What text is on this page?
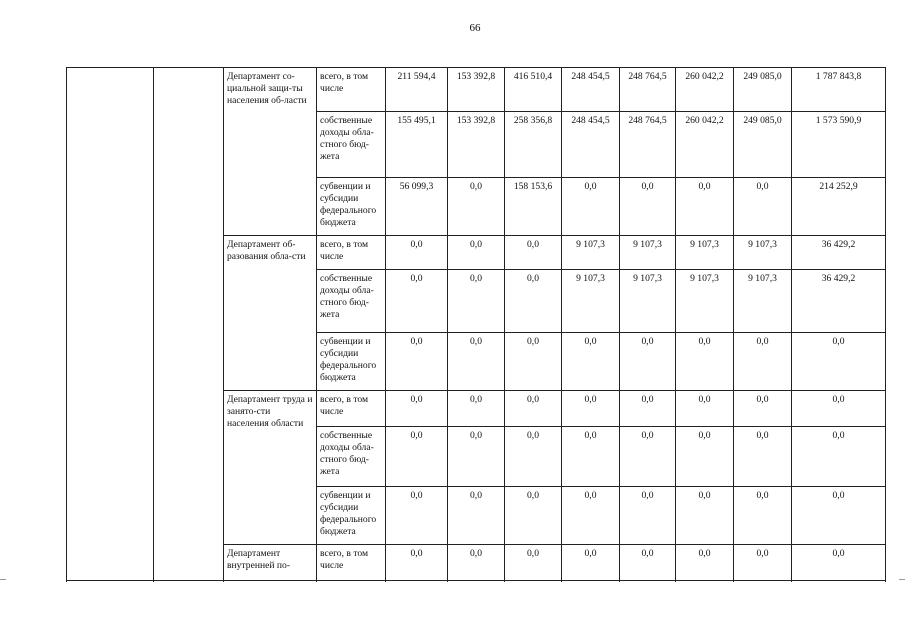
66
		Департамент со-циальной защи-ты населения об-ласти	всего, в том числе	211 594,4	153 392,8	416 510,4	248 454,5	248 764,5	260 042,2	249 085,0	1 787 843,8
			собственные доходы обла-стного бюд-жета	155 495,1	153 392,8	258 356,8	248 454,5	248 764,5	260 042,2	249 085,0	1 573 590,9
			субвенции и субсидии федерального бюджета	56 099,3	0,0	158 153,6	0,0	0,0	0,0	0,0	214 252,9
		Департамент об-разования обла-сти	всего, в том числе	0,0	0,0	0,0	9 107,3	9 107,3	9 107,3	9 107,3	36 429,2
			собственные доходы обла-стного бюд-жета	0,0	0,0	0,0	9 107,3	9 107,3	9 107,3	9 107,3	36 429,2
			субвенции и субсидии федерального бюджета	0,0	0,0	0,0	0,0	0,0	0,0	0,0	0,0
		Департамент труда и занято-сти населения области	всего, в том числе	0,0	0,0	0,0	0,0	0,0	0,0	0,0	0,0
			собственные доходы обла-стного бюд-жета	0,0	0,0	0,0	0,0	0,0	0,0	0,0	0,0
			субвенции и субсидии федерального бюджета	0,0	0,0	0,0	0,0	0,0	0,0	0,0	0,0
		Департамент внутренней по-	всего, в том числе	0,0	0,0	0,0	0,0	0,0	0,0	0,0	0,0
